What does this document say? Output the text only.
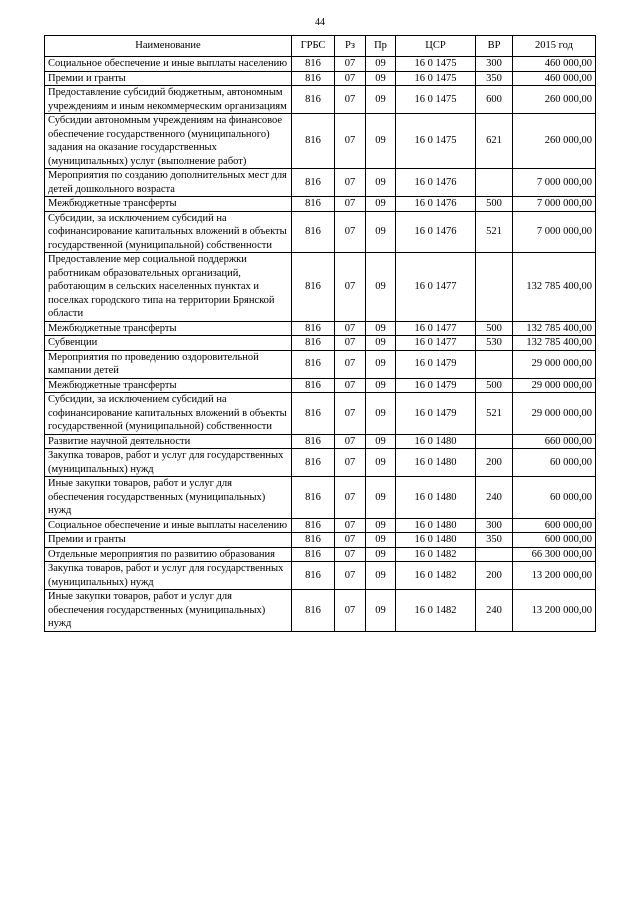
44
Наименование	ГРБС	Рз	Пр	ЦСР	ВР	2015 год
Социальное обеспечение и иные выплаты населению	816	07	09	16 0 1475	300	460 000,00
Премии и гранты	816	07	09	16 0 1475	350	460 000,00
Предоставление субсидий бюджетным, автономным учреждениям и иным некоммерческим организациям	816	07	09	16 0 1475	600	260 000,00
Субсидии автономным учреждениям на финансовое обеспечение государственного (муниципального) задания на оказание государственных (муниципальных) услуг (выполнение работ)	816	07	09	16 0 1475	621	260 000,00
Мероприятия по созданию дополнительных мест для детей дошкольного возраста	816	07	09	16 0 1476		7 000 000,00
Межбюджетные трансферты	816	07	09	16 0 1476	500	7 000 000,00
Субсидии, за исключением субсидий на софинансирование капитальных вложений в объекты государственной (муниципальной) собственности	816	07	09	16 0 1476	521	7 000 000,00
Предоставление мер социальной поддержки работникам образовательных организаций, работающим в сельских населенных пунктах и поселках городского типа на территории Брянской области	816	07	09	16 0 1477		132 785 400,00
Межбюджетные трансферты	816	07	09	16 0 1477	500	132 785 400,00
Субвенции	816	07	09	16 0 1477	530	132 785 400,00
Мероприятия по проведению оздоровительной кампании детей	816	07	09	16 0 1479		29 000 000,00
Межбюджетные трансферты	816	07	09	16 0 1479	500	29 000 000,00
Субсидии, за исключением субсидий на софинансирование капитальных вложений в объекты государственной (муниципальной) собственности	816	07	09	16 0 1479	521	29 000 000,00
Развитие научной деятельности	816	07	09	16 0 1480		660 000,00
Закупка товаров, работ и услуг для государственных (муниципальных) нужд	816	07	09	16 0 1480	200	60 000,00
Иные закупки товаров, работ и услуг для обеспечения государственных (муниципальных) нужд	816	07	09	16 0 1480	240	60 000,00
Социальное обеспечение и иные выплаты населению	816	07	09	16 0 1480	300	600 000,00
Премии и гранты	816	07	09	16 0 1480	350	600 000,00
Отдельные мероприятия по развитию образования	816	07	09	16 0 1482		66 300 000,00
Закупка товаров, работ и услуг для государственных (муниципальных) нужд	816	07	09	16 0 1482	200	13 200 000,00
Иные закупки товаров, работ и услуг для обеспечения государственных (муниципальных) нужд	816	07	09	16 0 1482	240	13 200 000,00
